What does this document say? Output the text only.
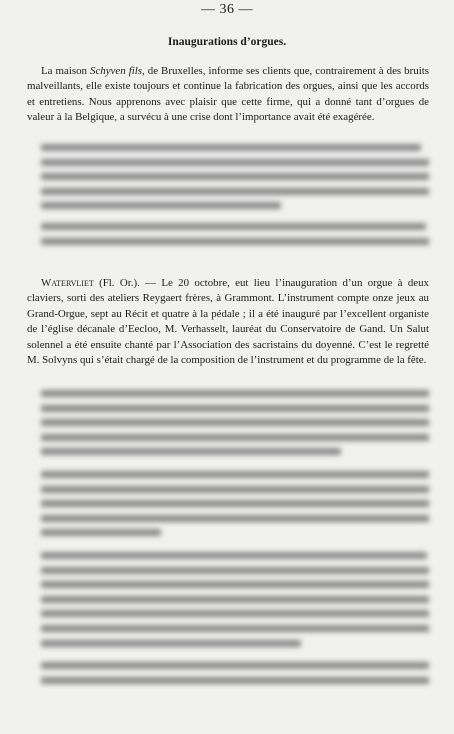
— 36 —
Inaugurations d’orgues.
La maison Schyven fils, de Bruxelles, informe ses clients que, contrairement à des bruits malveillants, elle existe toujours et continue la fabrication des orgues, ainsi que les accords et entretiens. Nous apprenons avec plaisir que cette firme, qui a donné tant d’orgues de valeur à la Belgique, a survécu à une crise dont l’importance avait été exagérée.
Watervliet (Fl. Or.). — Le 20 octobre, eut lieu l’inauguration d’un orgue à deux claviers, sorti des ateliers Reygaert frères, à Grammont. L’instrument compte onze jeux au Grand-Orgue, sept au Récit et quatre à la pédale ; il a été inauguré par l’excellent organiste de l’église décanale d’Eecloo, M. Verhasselt, lauréat du Conservatoire de Gand. Un Salut solennel a été ensuite chanté par l’Association des sacristains du doyenné. C’est le regretté M. Solvyns qui s’était chargé de la composition de l’instrument et du programme de la fête.
